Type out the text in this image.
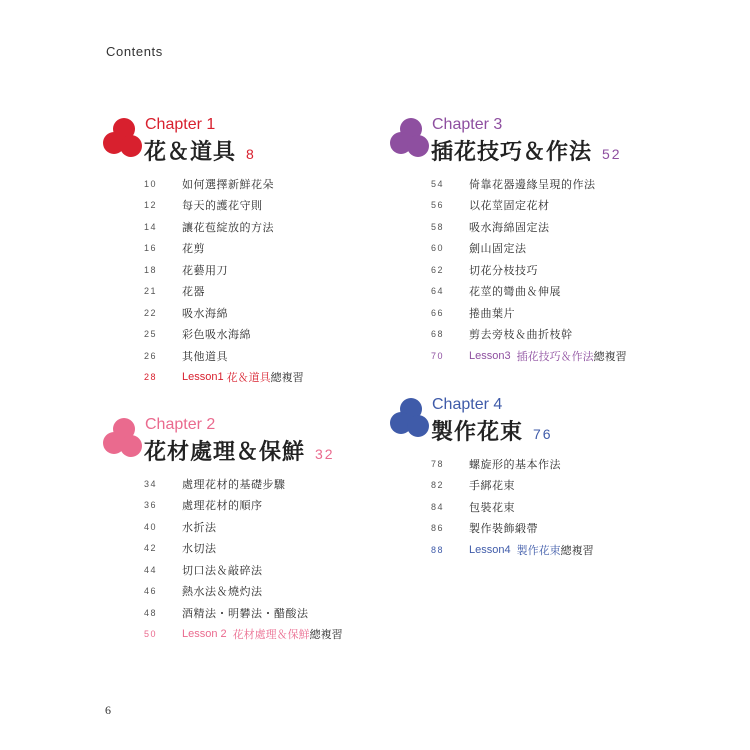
Contents
Chapter 1
花＆道具 8
10	如何選擇新鮮花朵
12	每天的護花守則
14	讓花苞綻放的方法
16	花剪
18	花藝用刀
21	花器
22	吸水海綿
25	彩色吸水海綿
26	其他道具
28	Lesson1 花＆道具 總複習
Chapter 2
花材處理＆保鮮 32
34	處理花材的基礎步驟
36	處理花材的順序
40	水折法
42	水切法
44	切口法＆敲碎法
46	熱水法＆燒灼法
48	酒精法・明礬法・醋酸法
50	Lesson 2 花材處理＆保鮮 總複習
Chapter 3
插花技巧＆作法 52
54	倚靠花器邊緣呈現的作法
56	以花莖固定花材
58	吸水海綿固定法
60	劍山固定法
62	切花分枝技巧
64	花莖的彎曲＆伸展
66	捲曲葉片
68	剪去旁枝＆曲折枝幹
70	Lesson3 插花技巧＆作法 總複習
Chapter 4
製作花束 76
78	螺旋形的基本作法
82	手綁花束
84	包裝花束
86	製作裝飾緞帶
88	Lesson4 製作花束 總複習
6
